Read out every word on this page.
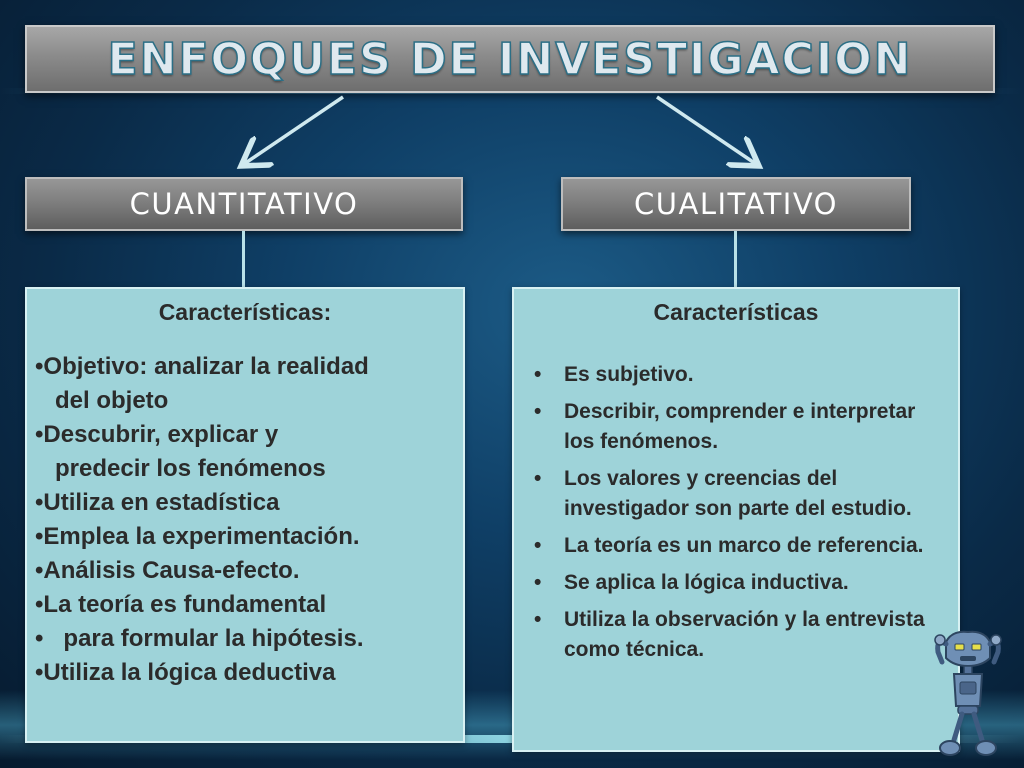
ENFOQUES DE INVESTIGACION
CUANTITATIVO	CUALITATIVO
Características:
•Objetivo: analizar la realidad
del objeto
•Descubrir, explicar y
predecir los fenómenos
•Utiliza en estadística
•Emplea la experimentación.
•Análisis Causa-efecto.
•La teoría es fundamental
•   para formular la hipótesis.
•Utiliza la lógica deductiva
Características
• Es subjetivo.
• Describir, comprender e interpretar los fenómenos.
• Los valores y creencias del investigador son parte del estudio.
• La teoría es un marco de referencia.
• Se aplica la lógica inductiva.
• Utiliza la observación y la entrevista como técnica.
